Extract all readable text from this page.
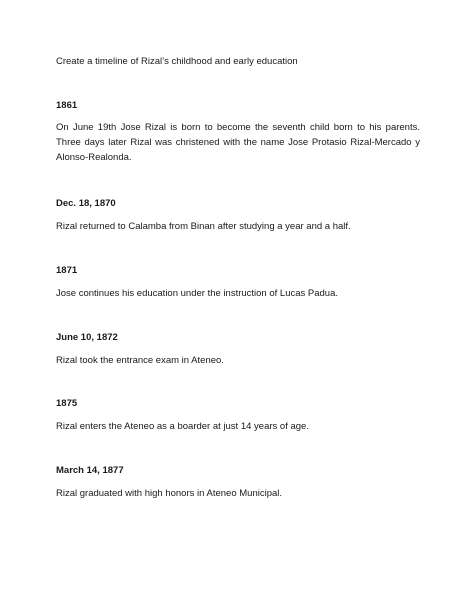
Create a timeline of Rizal’s childhood and early education
1861
On June 19th Jose Rizal is born to become the seventh child born to his parents. Three days later Rizal was christened with the name Jose Protasio Rizal-Mercado y Alonso-Realonda.
Dec. 18, 1870
Rizal returned to Calamba from Binan after studying a year and a half.
1871
Jose continues his education under the instruction of Lucas Padua.
June 10, 1872
Rizal took the entrance exam in Ateneo.
1875
Rizal enters the Ateneo as a boarder at just 14 years of age.
March 14, 1877
Rizal graduated with high honors in Ateneo Municipal.
